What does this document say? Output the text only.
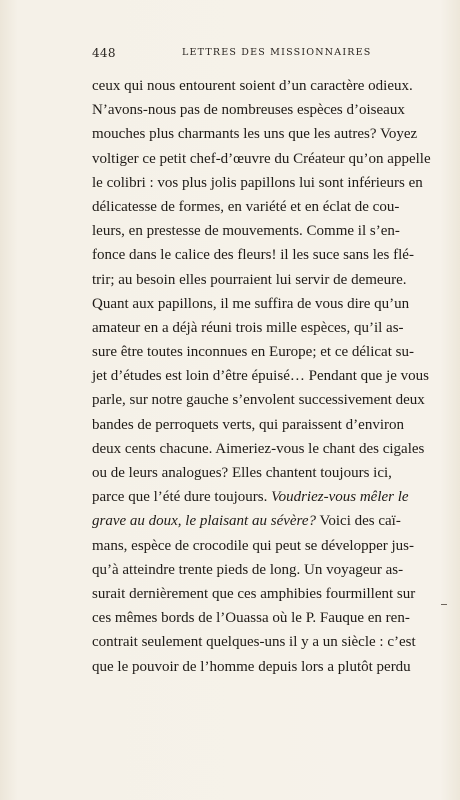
448	LETTRES DES MISSIONNAIRES
ceux qui nous entourent soient d’un caractère odieux.
N’avons-nous pas de nombreuses espèces d’oiseaux
mouches plus charmants les uns que les autres? Voyez
voltiger ce petit chef-d’œuvre du Créateur qu’on appelle
le colibri : vos plus jolis papillons lui sont inférieurs en
délicatesse de formes, en variété et en éclat de cou-
leurs, en prestesse de mouvements. Comme il s’en-
fonce dans le calice des fleurs! il les suce sans les flé-
trir; au besoin elles pourraient lui servir de demeure.
Quant aux papillons, il me suffira de vous dire qu’un
amateur en a déjà réuni trois mille espèces, qu’il as-
sure être toutes inconnues en Europe; et ce délicat su-
jet d’études est loin d’être épuisé… Pendant que je vous
parle, sur notre gauche s’envolent successivement deux
bandes de perroquets verts, qui paraissent d’environ
deux cents chacune. Aimeriez-vous le chant des cigales
ou de leurs analogues? Elles chantent toujours ici,
parce que l’été dure toujours. Voudriez-vous mêler le
grave au doux, le plaisant au sévère? Voici des caï-
mans, espèce de crocodile qui peut se développer jus-
qu’à atteindre trente pieds de long. Un voyageur as-
surait dernièrement que ces amphibies fourmillent sur
ces mêmes bords de l’Ouassa où le P. Fauque en ren-
contrait seulement quelques-uns il y a un siècle : c’est
que le pouvoir de l’homme depuis lors a plutôt perdu
